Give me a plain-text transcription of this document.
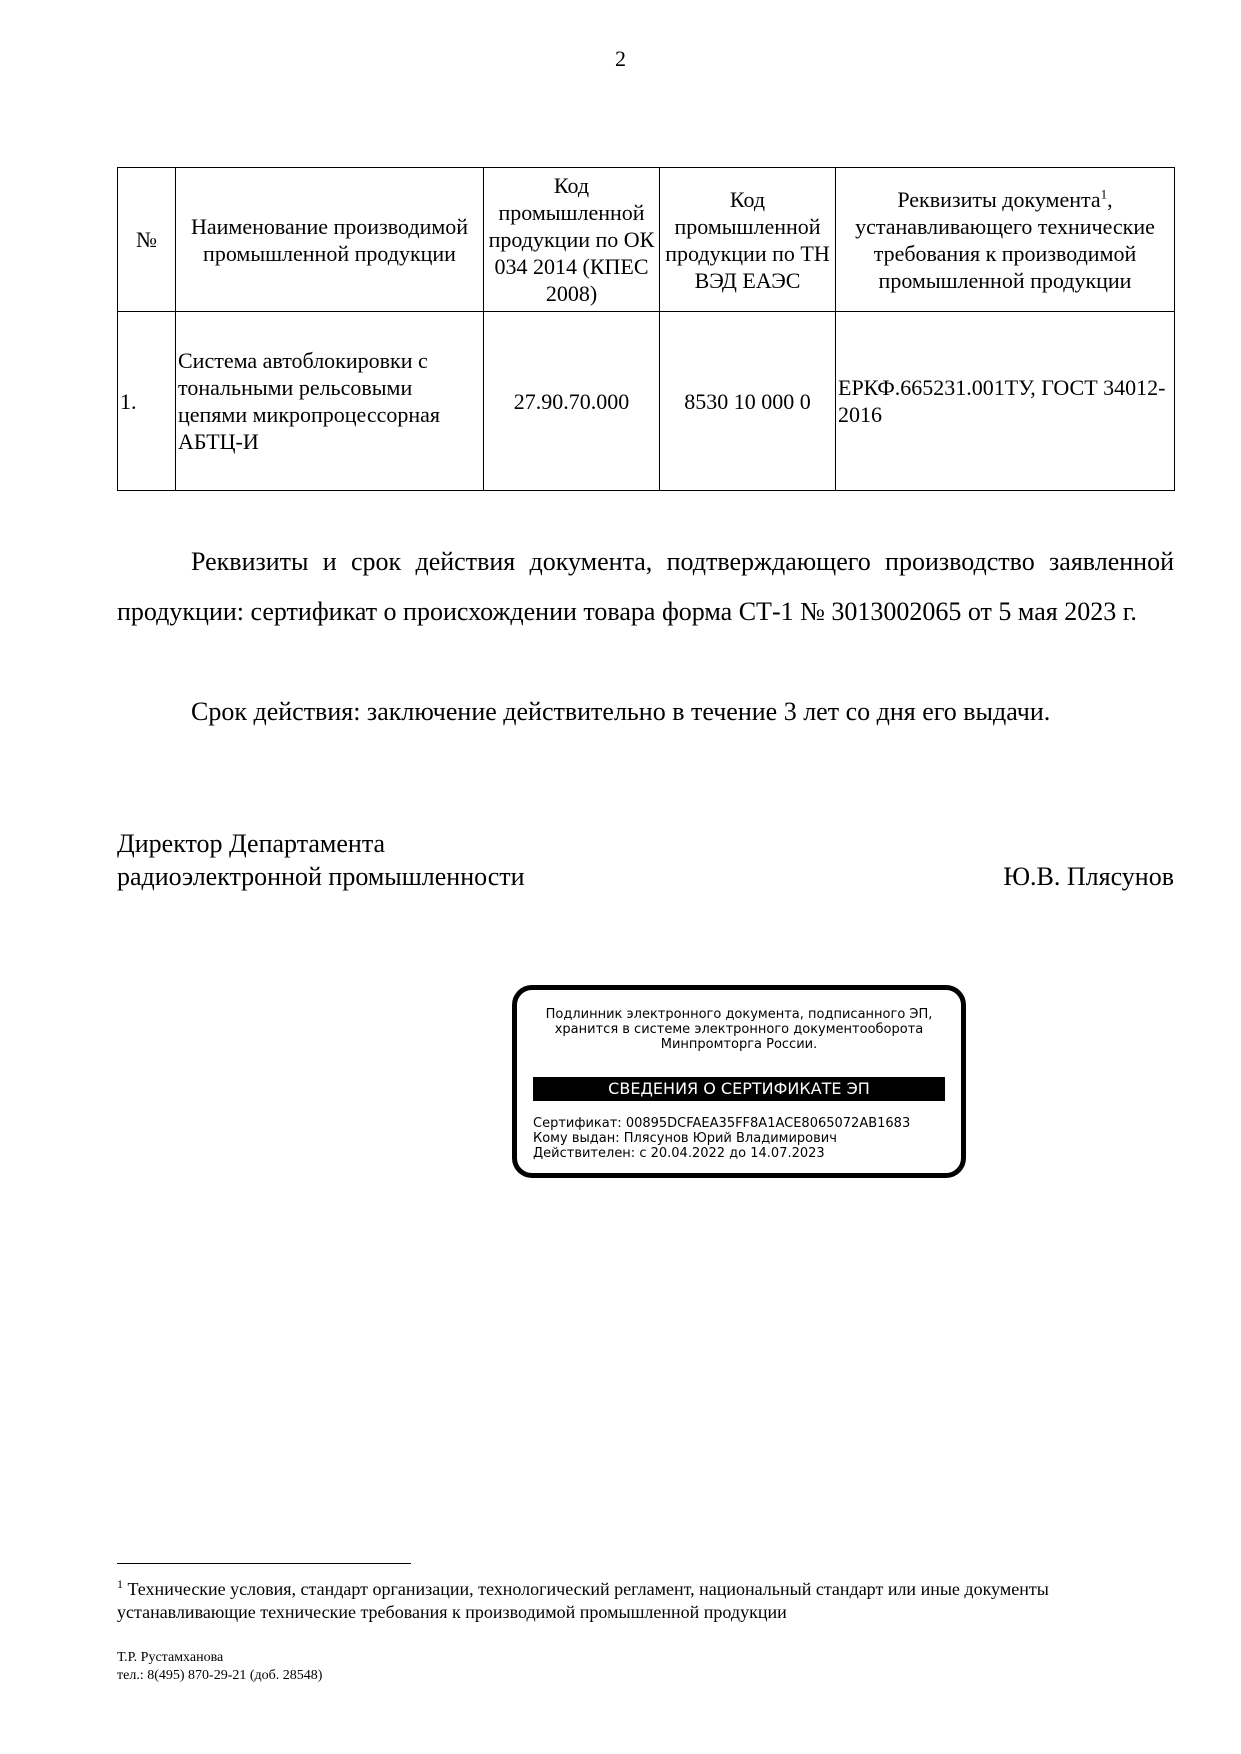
2
№	Наименование производимой промышленной продукции	Код промышленной продукции по ОК 034 2014 (КПЕС 2008)	Код промышленной продукции по ТН ВЭД ЕАЭС	Реквизиты документа$^1$, устанавливающего технические требования к производимой промышленной продукции
1.	Система автоблокировки с тональными рельсовыми цепями микропроцессорная АБТЦ-И	27.90.70.000	8530 10 000 0	ЕРКФ.665231.001ТУ, ГОСТ 34012-2016

Реквизиты и срок действия документа, подтверждающего производство заявленной продукции: сертификат о происхождении товара форма СТ-1 № 3013002065 от 5 мая 2023 г.

Срок действия: заключение действительно в течение 3 лет со дня его выдачи.

Директор Департамента
радиоэлектронной промышленности	Ю.В. Плясунов
Подлинник электронного документа, подписанного ЭП,
хранится в системе электронного документооборота
Минпромторга России.
СВЕДЕНИЯ О СЕРТИФИКАТЕ ЭП
Сертификат: 00895DCFAEA35FF8A1ACE8065072AB1683
Кому выдан: Плясунов Юрий Владимирович
Действителен: с 20.04.2022 до 14.07.2023
$^1$ Технические условия, стандарт организации, технологический регламент, национальный стандарт или иные документы устанавливающие технические требования к производимой промышленной продукции
Т.Р. Рустамханова
тел.: 8(495) 870-29-21 (доб. 28548)
